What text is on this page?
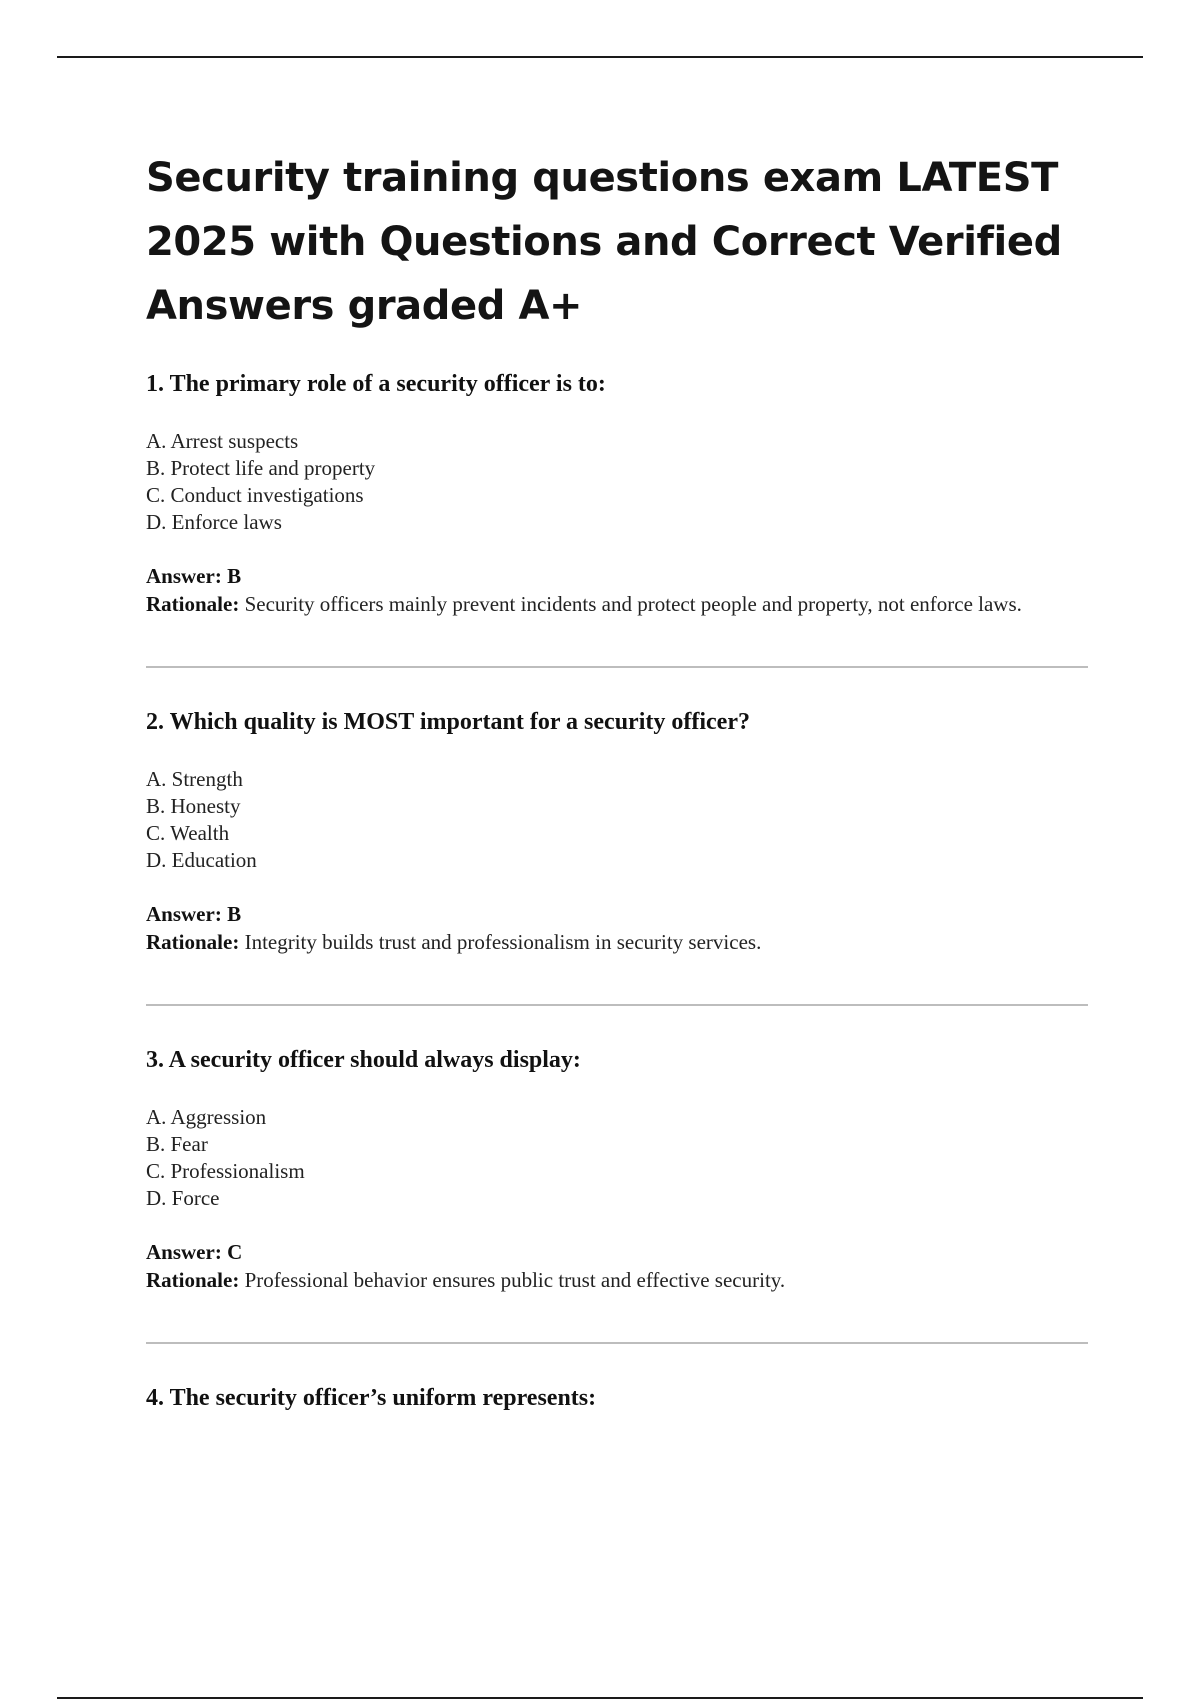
Security training questions exam LATEST 2025 with Questions and Correct Verified Answers graded A+
1. The primary role of a security officer is to:
A. Arrest suspects
B. Protect life and property
C. Conduct investigations
D. Enforce laws
Answer: B
Rationale: Security officers mainly prevent incidents and protect people and property, not enforce laws.
2. Which quality is MOST important for a security officer?
A. Strength
B. Honesty
C. Wealth
D. Education
Answer: B
Rationale: Integrity builds trust and professionalism in security services.
3. A security officer should always display:
A. Aggression
B. Fear
C. Professionalism
D. Force
Answer: C
Rationale: Professional behavior ensures public trust and effective security.
4. The security officer’s uniform represents:
